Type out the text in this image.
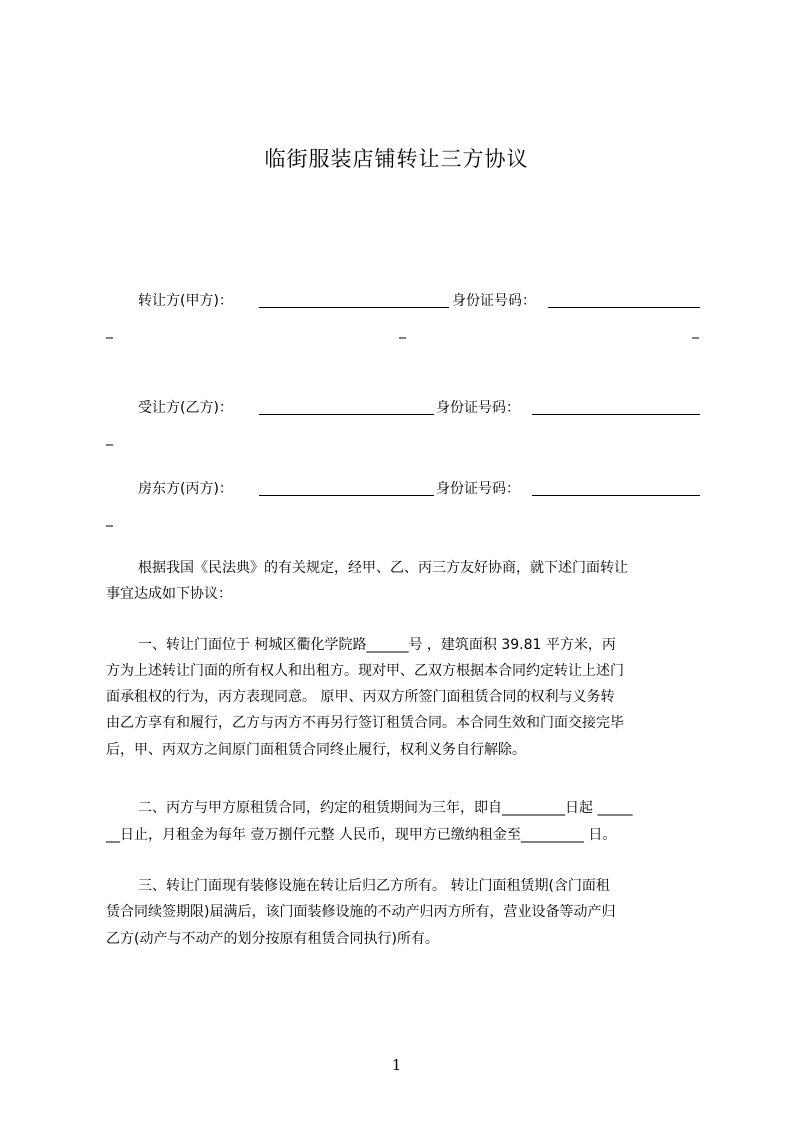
临街服装店铺转让三方协议
转让方(甲方)：	身份证号码：
_	_	_
受让方(乙方)：	身份证号码：
_
房东方(丙方)：	身份证号码：
_
根据我国《民法典》的有关规定，经甲、乙、丙三方友好协商，就下述门面转让
事宜达成如下协议：
一、转让门面位于 柯城区衢化学院路______号 ，建筑面积 39.81 平方米，丙
方为上述转让门面的所有权人和出租方。现对甲、乙双方根据本合同约定转让上述门
面承租权的行为，丙方表现同意。 原甲、丙双方所签门面租赁合同的权利与义务转
由乙方享有和履行，乙方与丙方不再另行签订租赁合同。本合同生效和门面交接完毕
后，甲、丙双方之间原门面租赁合同终止履行，权利义务自行解除。
二、丙方与甲方原租赁合同，约定的租赁期间为三年，即自_________日起 _____
__日止，月租金为每年 壹万捌仟元整 人民币，现甲方已缴纳租金至_________ 日。
三、转让门面现有装修设施在转让后归乙方所有。 转让门面租赁期(含门面租
赁合同续签期限)届满后，该门面装修设施的不动产归丙方所有，营业设备等动产归
乙方(动产与不动产的划分按原有租赁合同执行)所有。
1
